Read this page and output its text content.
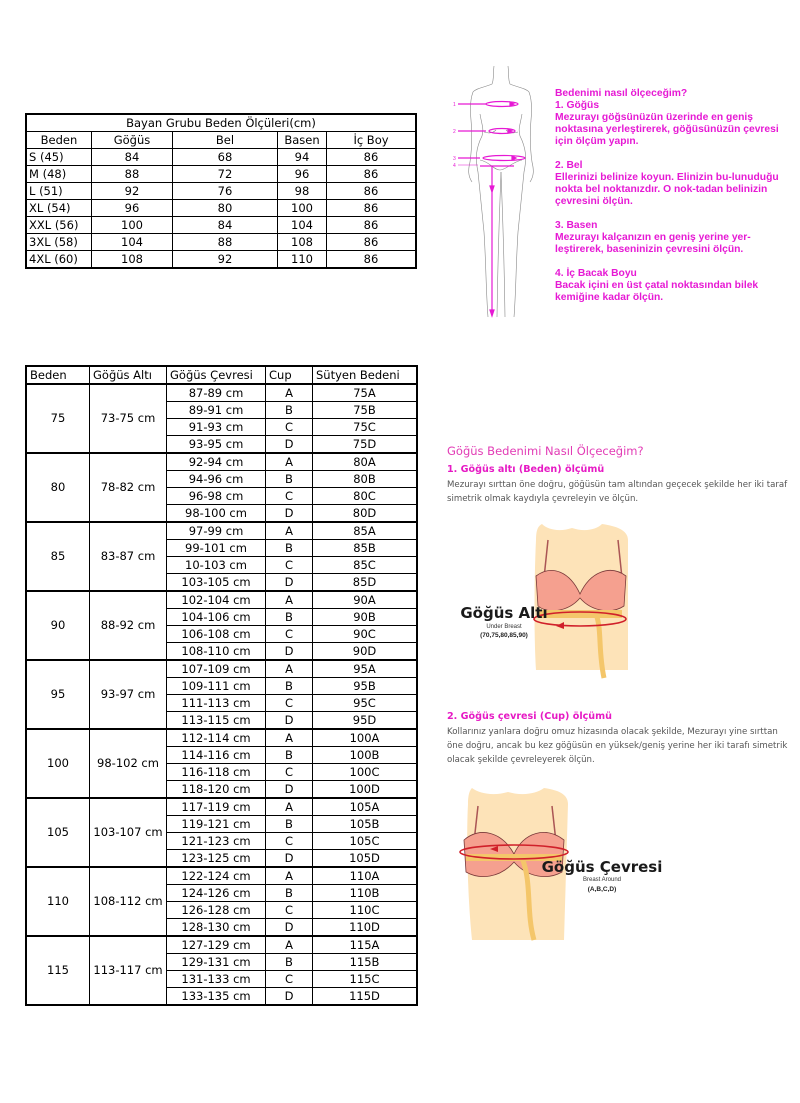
Bayan Grubu Beden Ölçüleri(cm)				
Beden	Göğüs	Bel	Basen	İç Boy
S (45)	84	68	94	86
M (48)	88	72	96	86
L (51)	92	76	98	86
XL (54)	96	80	100	86
XXL (56)	100	84	104	86
3XL (58)	104	88	108	86
4XL (60)	108	92	110	86
1
2
3
4

Bedenimi nasıl ölçeceğim?
1. Göğüs
Mezurayı göğsünüzün üzerinde en geniş noktasına yerleştirerek, göğüsünüzün çevresi için ölçüm yapın.

2. Bel
Ellerinizi belinize koyun. Elinizin bu-lunuduğu nokta bel noktanızdır. O nok-tadan belinizin çevresini ölçün.

3. Basen
Mezurayı kalçanızın en geniş yerine yer-leştirerek, baseninizin çevresini ölçün.

4. İç Bacak Boyu
Bacak içini en üst çatal noktasından bilek kemiğine kadar ölçün.

Beden	Göğüs Altı	Göğüs Çevresi	Cup	Sütyen Bedeni
75	73-75 cm	87-89 cm	A	75A
		89-91 cm	B	75B
		91-93 cm	C	75C
		93-95 cm	D	75D
80	78-82 cm	92-94 cm	A	80A
		94-96 cm	B	80B
		96-98 cm	C	80C
		98-100 cm	D	80D
85	83-87 cm	97-99 cm	A	85A
		99-101 cm	B	85B
		10-103 cm	C	85C
		103-105 cm	D	85D
90	88-92 cm	102-104 cm	A	90A
		104-106 cm	B	90B
		106-108 cm	C	90C
		108-110 cm	D	90D
95	93-97 cm	107-109 cm	A	95A
		109-111 cm	B	95B
		111-113 cm	C	95C
		113-115 cm	D	95D
100	98-102 cm	112-114 cm	A	100A
		114-116 cm	B	100B
		116-118 cm	C	100C
		118-120 cm	D	100D
105	103-107 cm	117-119 cm	A	105A
		119-121 cm	B	105B
		121-123 cm	C	105C
		123-125 cm	D	105D
110	108-112 cm	122-124 cm	A	110A
		124-126 cm	B	110B
		126-128 cm	C	110C
		128-130 cm	D	110D
115	113-117 cm	127-129 cm	A	115A
		129-131 cm	B	115B
		131-133 cm	C	115C
		133-135 cm	D	115D
Göğüs Bedenimi Nasıl Ölçeceğim?
1. Göğüs altı (Beden) ölçümü

Mezurayı sırttan öne doğru, göğüsün tam altından geçecek şekilde her iki taraf simetrik olmak kaydıyla çevreleyin ve ölçün.

Göğüs Altı
Under Breast
(70,75,80,85,90)
2. Göğüs çevresi (Cup) ölçümü

Kollarınız yanlara doğru omuz hizasında olacak şekilde, Mezurayı yine sırttan öne doğru, ancak bu kez göğüsün en yüksek/geniş yerine her iki tarafı simetrik olacak şekilde çevreleyerek ölçün.

Göğüs Çevresi
Breast Around
(A,B,C,D)
